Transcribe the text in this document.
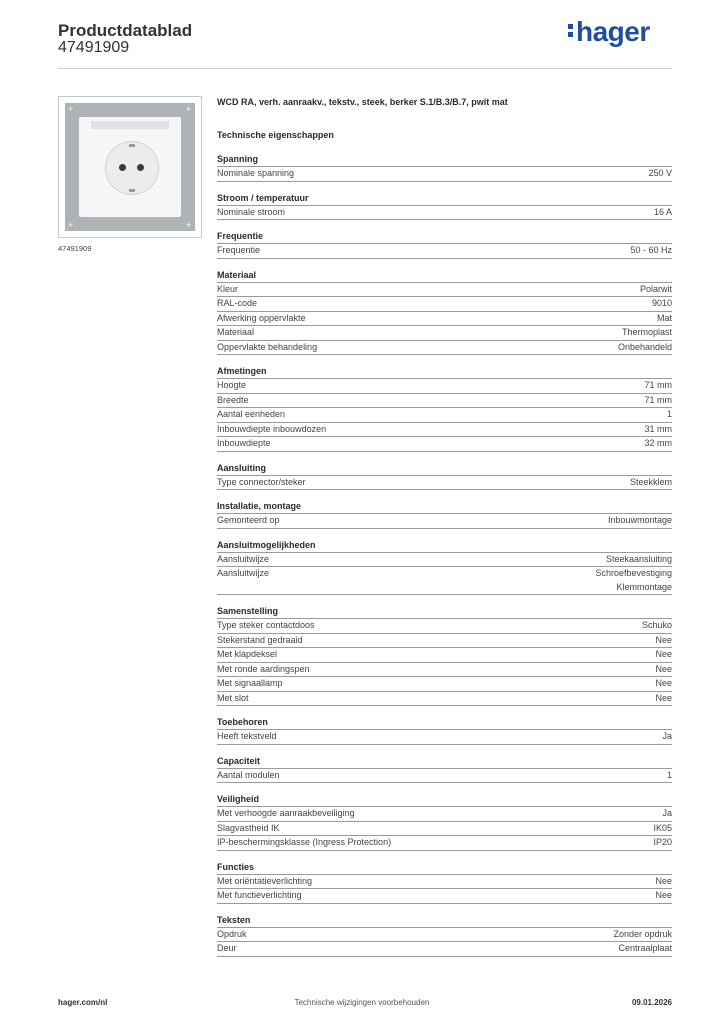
Productdatablad
47491909
hager
+	+
+	+
47491909
WCD RA, verh. aanraakv., tekstv., steek, berker S.1/B.3/B.7, pwit mat
Technische eigenschappen
Spanning
Nominale spanning	250 V
Stroom / temperatuur
Nominale stroom	16 A
Frequentie
Frequentie	50 - 60 Hz
Materiaal
Kleur	Polarwit
RAL-code	9010
Afwerking oppervlakte	Mat
Materiaal	Thermoplast
Oppervlakte behandeling	Onbehandeld
Afmetingen
Hoogte	71 mm
Breedte	71 mm
Aantal eenheden	1
Inbouwdiepte inbouwdozen	31 mm
Inbouwdiepte	32 mm
Aansluiting
Type connector/steker	Steekklem
Installatie, montage
Gemonteerd op	Inbouwmontage
Aansluitmogelijkheden
Aansluitwijze	Steekaansluiting
Aansluitwijze	Schroefbevestiging
Klemmontage
Samenstelling
Type steker contactdoos	Schuko
Stekerstand gedraaid	Nee
Met klapdeksel	Nee
Met ronde aardingspen	Nee
Met signaallamp	Nee
Met slot	Nee
Toebehoren
Heeft tekstveld	Ja
Capaciteit
Aantal modulen	1
Veiligheid
Met verhoogde aanraakbeveiliging	Ja
Slagvastheid IK	IK05
IP-beschermingsklasse (Ingress Protection)	IP20
Functies
Met oriëntatieverlichting	Nee
Met functieverlichting	Nee
Teksten
Opdruk	Zonder opdruk
Deur	Centraalplaat
hager.com/nl	Technische wijzigingen voorbehouden	09.01.2026
